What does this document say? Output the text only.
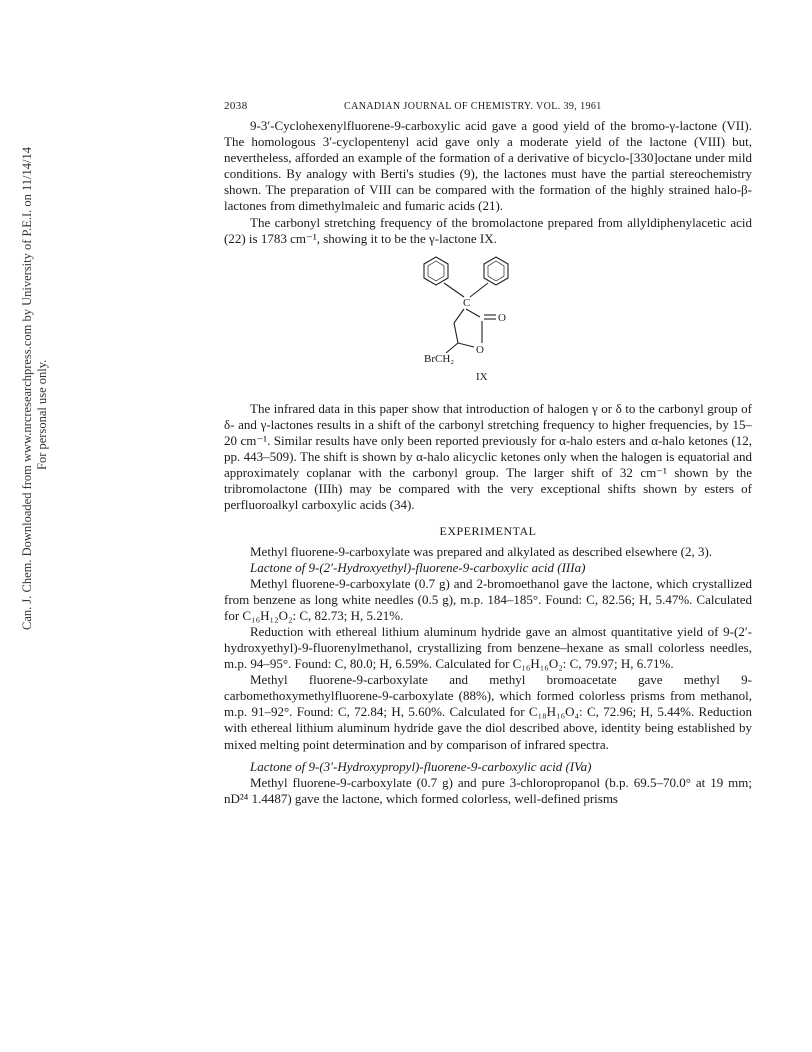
Can. J. Chem. Downloaded from www.nrcresearchpress.com by University of P.E.I. on 11/14/14 For personal use only.
2038	CANADIAN JOURNAL OF CHEMISTRY. VOL. 39, 1961

9-3′-Cyclohexenylfluorene-9-carboxylic acid gave a good yield of the bromo-γ-lactone (VII). The homologous 3′-cyclopentenyl acid gave only a moderate yield of the lactone (VIII) but, nevertheless, afforded an example of the formation of a derivative of bicyclo-[330]octane under mild conditions. By analogy with Berti's studies (9), the lactones must have the partial stereochemistry shown. The preparation of VIII can be compared with the formation of the highly strained halo-β-lactones from dimethylmaleic and fumaric acids (21).

The carbonyl stretching frequency of the bromolactone prepared from allyldiphenylacetic acid (22) is 1783 cm⁻¹, showing it to be the γ-lactone IX.

C
O
O
BrCH₂
IX

The infrared data in this paper show that introduction of halogen γ or δ to the carbonyl group of δ- and γ-lactones results in a shift of the carbonyl stretching frequency to higher frequencies, by 15–20 cm⁻¹. Similar results have only been reported previously for α-halo esters and α-halo ketones (12, pp. 443–509). The shift is shown by α-halo alicyclic ketones only when the halogen is equatorial and approximately coplanar with the carbonyl group. The larger shift of 32 cm⁻¹ shown by the tribromolactone (IIIh) may be compared with the very exceptional shifts shown by esters of perfluoroalkyl carboxylic acids (34).

EXPERIMENTAL

Methyl fluorene-9-carboxylate was prepared and alkylated as described elsewhere (2, 3).

Lactone of 9-(2′-Hydroxyethyl)-fluorene-9-carboxylic acid (IIIa)

Methyl fluorene-9-carboxylate (0.7 g) and 2-bromoethanol gave the lactone, which crystallized from benzene as long white needles (0.5 g), m.p. 184–185°. Found: C, 82.56; H, 5.47%. Calculated for C₁₆H₁₂O₂: C, 82.73; H, 5.21%.

Reduction with ethereal lithium aluminum hydride gave an almost quantitative yield of 9-(2′-hydroxyethyl)-9-fluorenylmethanol, crystallizing from benzene–hexane as small colorless needles, m.p. 94–95°. Found: C, 80.0; H, 6.59%. Calculated for C₁₆H₁₆O₂: C, 79.97; H, 6.71%.

Methyl fluorene-9-carboxylate and methyl bromoacetate gave methyl 9-carbomethoxymethylfluorene-9-carboxylate (88%), which formed colorless prisms from methanol, m.p. 91–92°. Found: C, 72.84; H, 5.60%. Calculated for C₁₈H₁₆O₄: C, 72.96; H, 5.44%. Reduction with ethereal lithium aluminum hydride gave the diol described above, identity being established by mixed melting point determination and by comparison of infrared spectra.

Lactone of 9-(3′-Hydroxypropyl)-fluorene-9-carboxylic acid (IVa)

Methyl fluorene-9-carboxylate (0.7 g) and pure 3-chloropropanol (b.p. 69.5–70.0° at 19 mm; nD²⁴ 1.4487) gave the lactone, which formed colorless, well-defined prisms
